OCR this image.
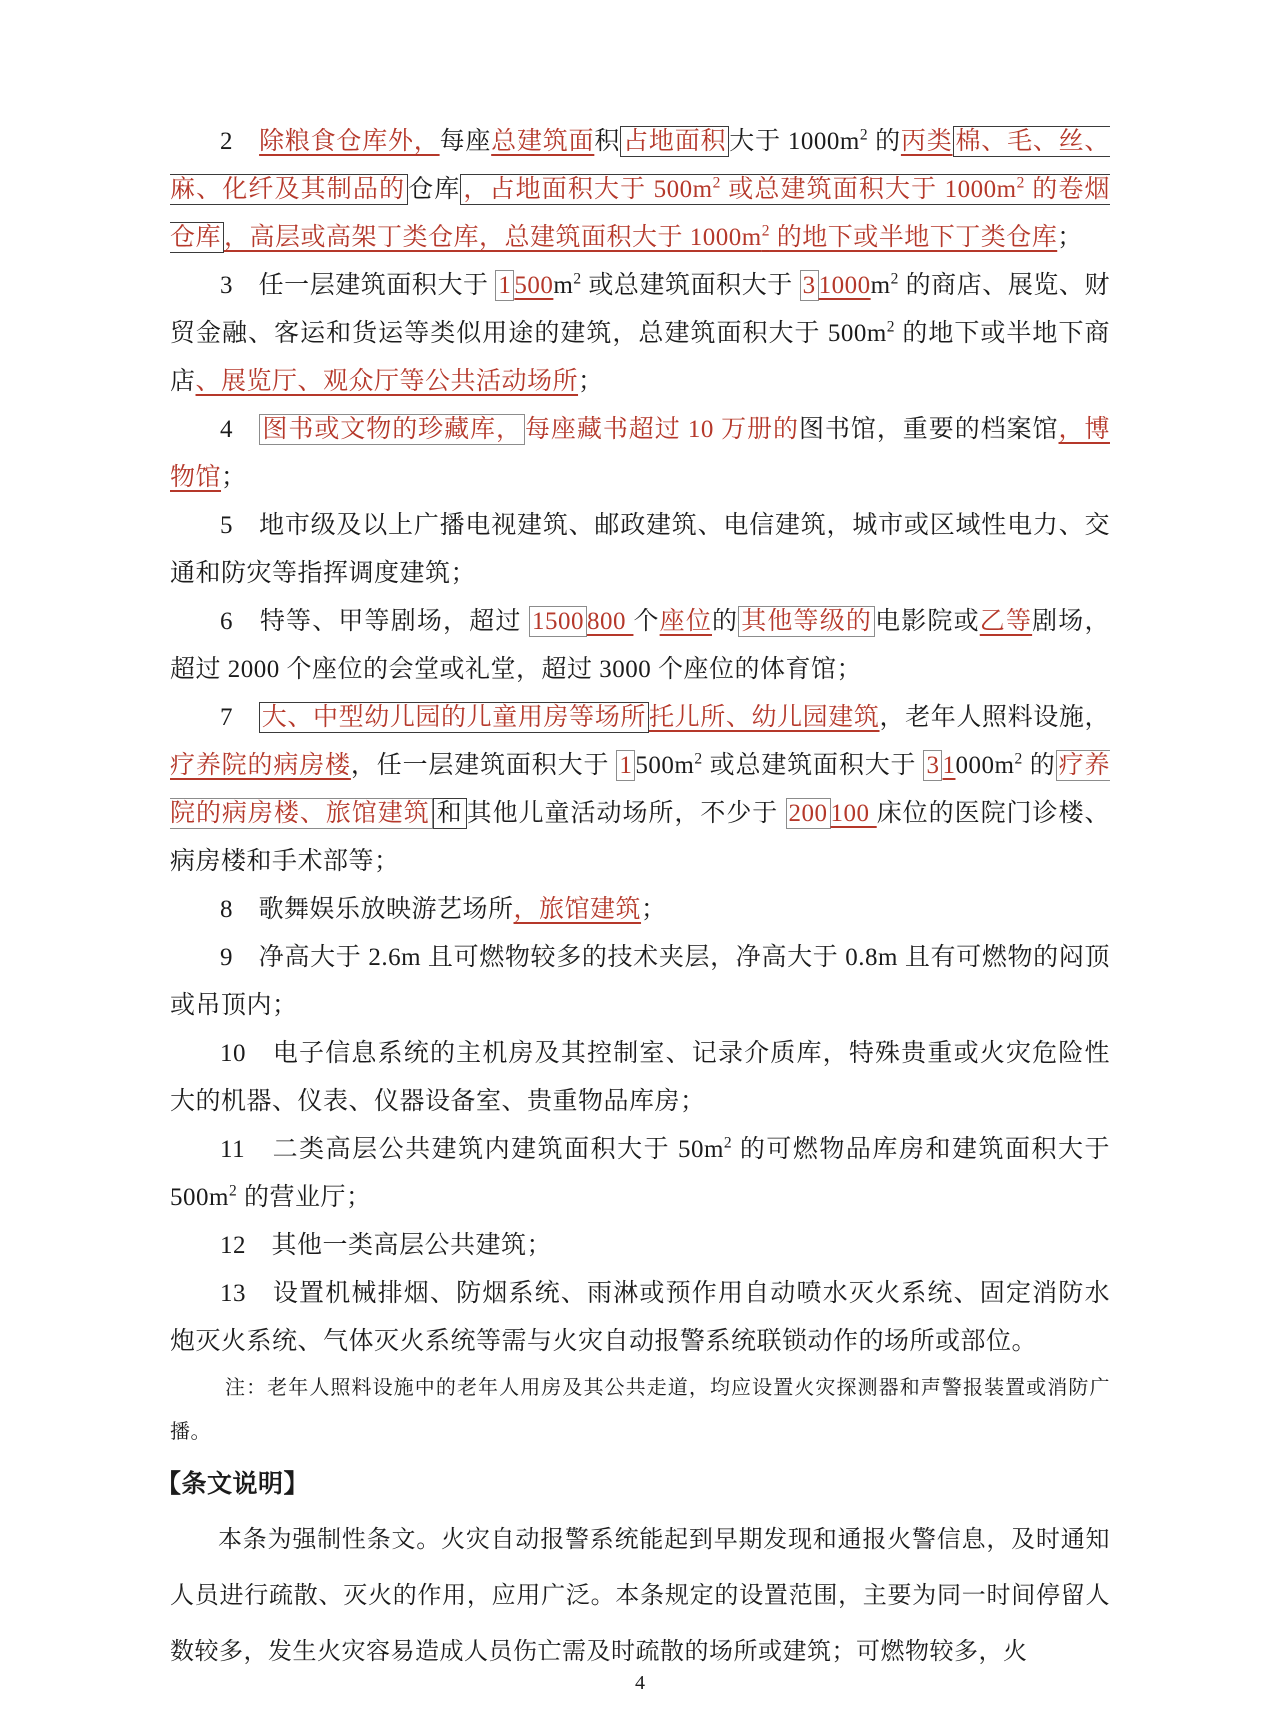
2　除粮食仓库外，每座总建筑面积 占地面积 大于 $1000m^2$ 的丙类 棉、毛、丝、麻、化纤及其制品的 仓库 ，占地面积大于 $500m^2$ 或总建筑面积大于 $1000m^2$ 的卷烟仓库 ，高层或高架丁类仓库，总建筑面积大于 $1000m^2$ 的地下或半地下丁类仓库；
3　任一层建筑面积大于 1 $500m^2$ 或总建筑面积大于 3 $1000m^2$ 的商店、展览、财贸金融、客运和货运等类似用途的建筑，总建筑面积大于 $500m^2$ 的地下或半地下商店、展览厅、观众厅等公共活动场所；
4　图书或文物的珍藏库， 每座藏书超过 10 万册的图书馆，重要的档案馆，博物馆；
5　地市级及以上广播电视建筑、邮政建筑、电信建筑，城市或区域性电力、交通和防灾等指挥调度建筑；
6　特等、甲等剧场，超过 1500 800 个座位的 其他等级的 电影院或乙等剧场，超过 2000 个座位的会堂或礼堂，超过 3000 个座位的体育馆；
7　大、中型幼儿园的儿童用房等场所 托儿所、幼儿园建筑，老年人照料设施，疗养院的病房楼，任一层建筑面积大于 1 $500m^2$ 或总建筑面积大于 3 $1000m^2$ 的 疗养院的病房楼、旅馆建筑 和 其他儿童活动场所，不少于 200 100 床位的医院门诊楼、病房楼和手术部等；
8　歌舞娱乐放映游艺场所，旅馆建筑；
9　净高大于 2.6m 且可燃物较多的技术夹层，净高大于 0.8m 且有可燃物的闷顶或吊顶内；
10　电子信息系统的主机房及其控制室、记录介质库，特殊贵重或火灾危险性大的机器、仪表、仪器设备室、贵重物品库房；
11　二类高层公共建筑内建筑面积大于 $50m^2$ 的可燃物品库房和建筑面积大于 $500m^2$ 的营业厅；
12　其他一类高层公共建筑；
13　设置机械排烟、防烟系统、雨淋或预作用自动喷水灭火系统、固定消防水炮灭火系统、气体灭火系统等需与火灾自动报警系统联锁动作的场所或部位。
注：老年人照料设施中的老年人用房及其公共走道，均应设置火灾探测器和声警报装置或消防广播。
【条文说明】
本条为强制性条文。火灾自动报警系统能起到早期发现和通报火警信息，及时通知人员进行疏散、灭火的作用，应用广泛。本条规定的设置范围，主要为同一时间停留人数较多，发生火灾容易造成人员伤亡需及时疏散的场所或建筑；可燃物较多，火
4
